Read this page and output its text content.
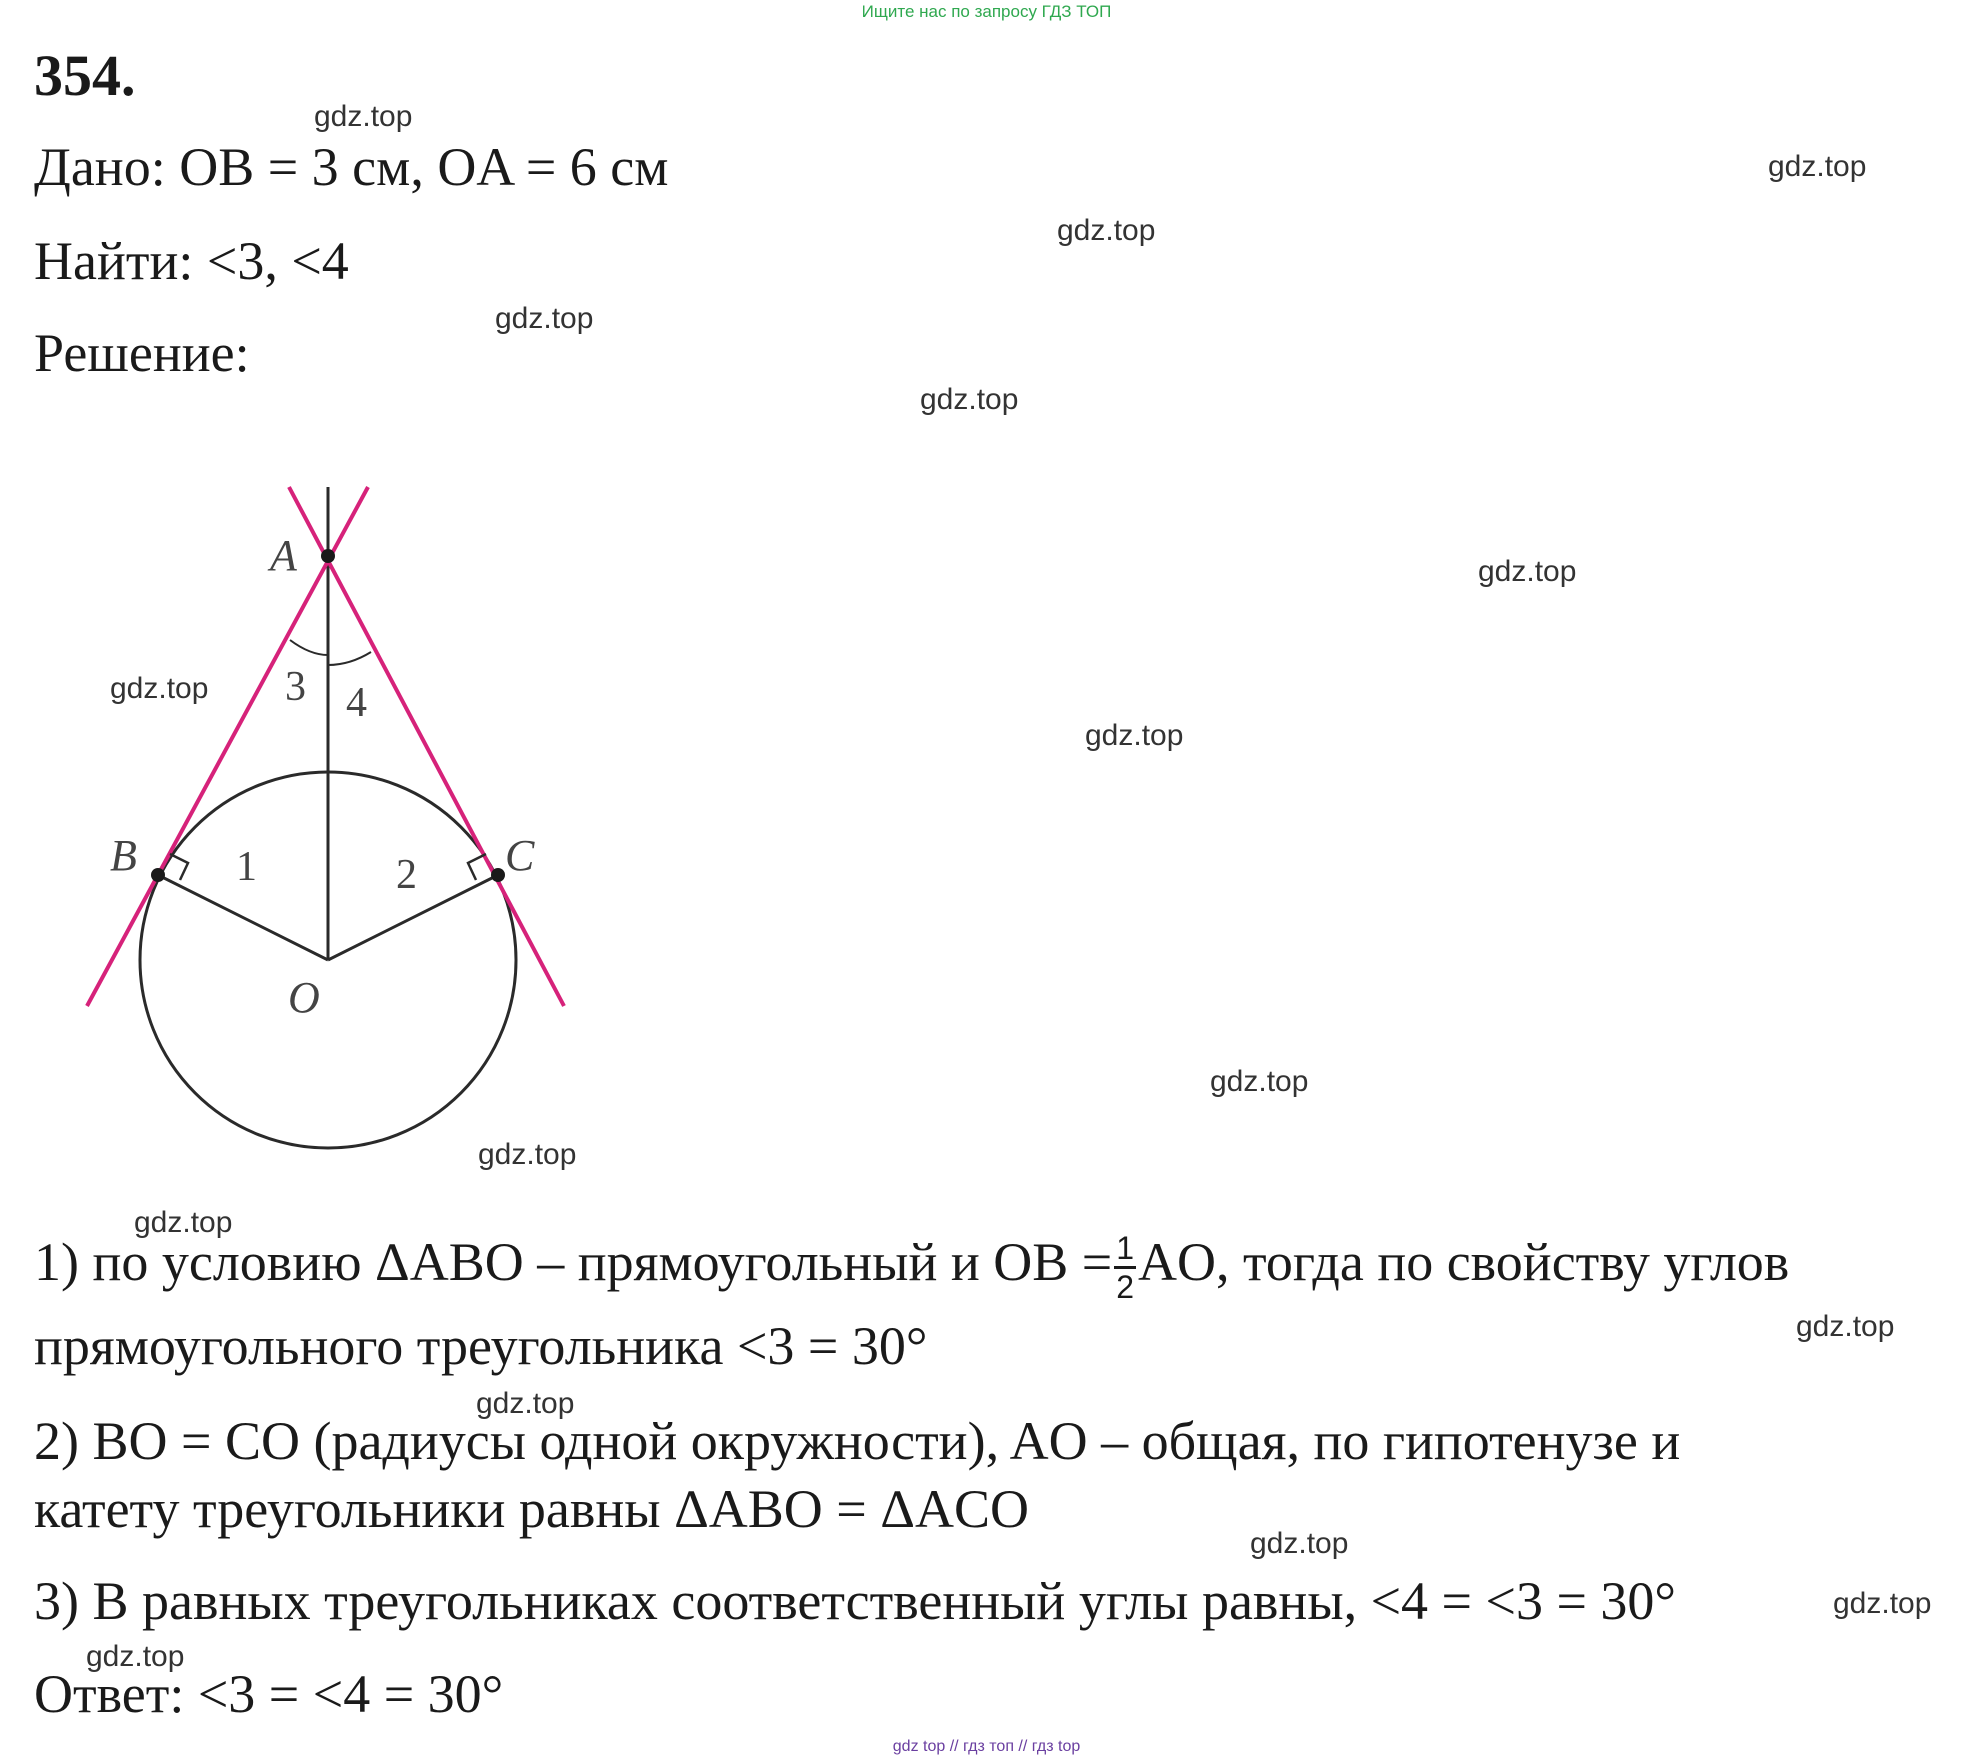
Ищите нас по запросу ГДЗ ТОП
354.
Дано: OB = 3 см, OA = 6 см
Найти: <3, <4
Решение:
A
B	C
O
1	2
3 4
1) по условию ΔABO – прямоугольный и OB = $\frac{1}{2}$ AO, тогда по свойству углов
прямоугольного треугольника <3 = 30°
2) BO = CO (радиусы одной окружности), AO – общая, по гипотенузе и
катету треугольники равны ΔABO = ΔACO
3) В равных треугольниках соответственный углы равны, <4 = <3 = 30°
Ответ: <3 = <4 = 30°
gdz.top
gdz.top
gdz.top
gdz.top
gdz.top
gdz.top
gdz.top
gdz.top
gdz.top
gdz.top
gdz.top
gdz.top
gdz.top
gdz.top
gdz.top
gdz.top
gdz top // гдз топ // гдз top
